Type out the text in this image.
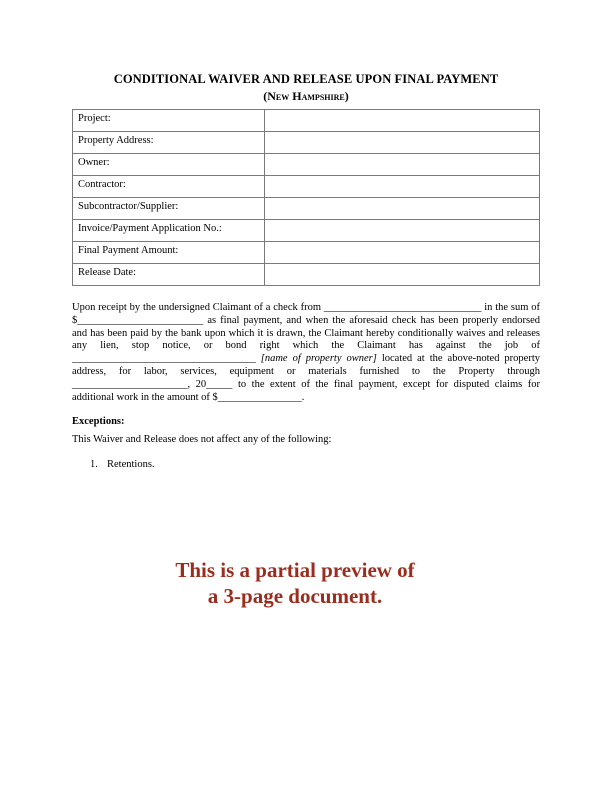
CONDITIONAL WAIVER AND RELEASE UPON FINAL PAYMENT
(New Hampshire)
Project:	
Property Address:	
Owner:	
Contractor:	
Subcontractor/Supplier:	
Invoice/Payment Application No.:	
Final Payment Amount:	
Release Date:	
Upon receipt by the undersigned Claimant of a check from ______________________________ in the sum of $________________________ as final payment, and when the aforesaid check has been properly endorsed and has been paid by the bank upon which it is drawn, the Claimant hereby conditionally waives and releases any lien, stop notice, or bond right which the Claimant has against the job of ___________________________________ [name of property owner] located at the above-noted property address, for labor, services, equipment or materials furnished to the Property through ______________________, 20_____ to the extent of the final payment, except for disputed claims for additional work in the amount of $________________.
Exceptions:
This Waiver and Release does not affect any of the following:
1. Retentions.
This is a partial preview of
a 3-page document.
